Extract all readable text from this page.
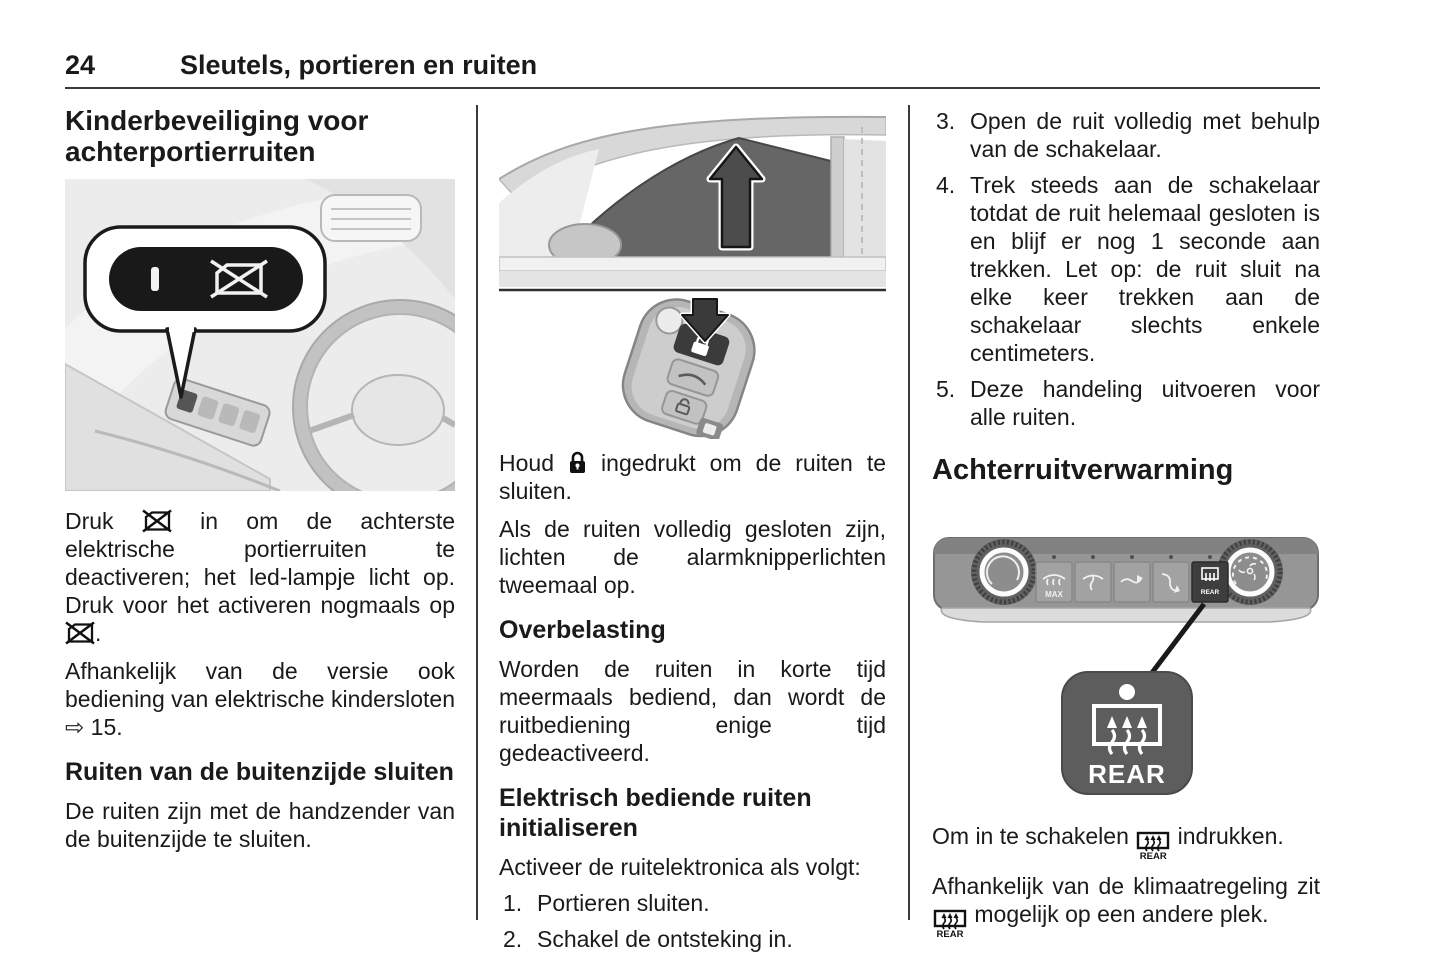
24	Sleutels, portieren en ruiten
Kinderbeveiliging voor achterportierruiten

Druk  in om de achterste elektrische portierruiten te deactiveren; het led-lampje licht op. Druk voor het activeren nogmaals op .

Afhankelijk van de versie ook bediening van elektrische kindersloten ⇨ 15.

Ruiten van de buitenzijde sluiten

De ruiten zijn met de handzender van de buitenzijde te sluiten.

Houd  ingedrukt om de ruiten te sluiten.

Als de ruiten volledig gesloten zijn, lichten de alarmknipperlichten tweemaal op.

Overbelasting

Worden de ruiten in korte tijd meermaals bediend, dan wordt de ruitbediening enige tijd gedeactiveerd.

Elektrisch bediende ruiten initialiseren

Activeer de ruitelektronica als volgt:

1. Portieren sluiten.
2. Schakel de ontsteking in.
3. Open de ruit volledig met behulp van de schakelaar.
4. Trek steeds aan de schakelaar totdat de ruit helemaal gesloten is en blijf er nog 1 seconde aan trekken. Let op: de ruit sluit na elke keer trekken aan de schakelaar slechts enkele centimeters.
5. Deze handeling uitvoeren voor alle ruiten.
Achterruitverwarming
MAX	REAR
REAR

Om in te schakelen
REAR
indrukken.

Afhankelijk van de klimaatregeling zit
REAR
mogelijk op een andere plek.
